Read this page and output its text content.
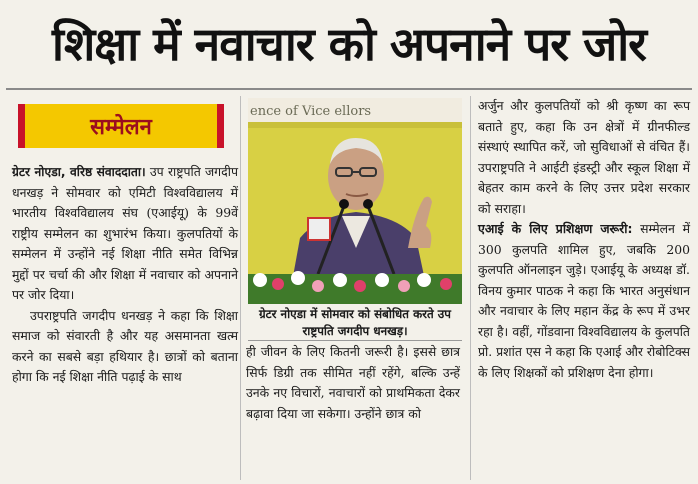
शिक्षा में नवाचार को अपनाने पर जोर
सम्मेलन

ग्रेटर नोएडा, वरिष्ठ संवाददाता। उप राष्ट्रपति जगदीप धनखड़ ने सोमवार को एमिटी विश्वविद्यालय में भारतीय विश्वविद्यालय संघ (एआईयू) के 99वें राष्ट्रीय सम्मेलन का शुभारंभ किया। कुलपतियों के सम्मेलन में उन्होंने नई शिक्षा नीति समेत विभिन्न मुद्दों पर चर्चा की और शिक्षा में नवाचार को अपनाने पर जोर दिया।

उपराष्ट्रपति जगदीप धनखड़ ने कहा कि शिक्षा समाज को संवारती है और यह असमानता खत्म करने का सबसे बड़ा हथियार है। छात्रों को बताना होगा कि नई शिक्षा नीति पढ़ाई के साथ

ence of Vice ellors
ग्रेटर नोएडा में सोमवार को संबोधित करते उप राष्ट्रपति जगदीप धनखड़।

ही जीवन के लिए कितनी जरूरी है। इससे छात्र सिर्फ डिग्री तक सीमित नहीं रहेंगे, बल्कि उन्हें उनके नए विचारों, नवाचारों को प्राथमिकता देकर बढ़ावा दिया जा सकेगा। उन्होंने छात्र को

अर्जुन और कुलपतियों को श्री कृष्ण का रूप बताते हुए, कहा कि उन क्षेत्रों में ग्रीनफील्ड संस्थाएं स्थापित करें, जो सुविधाओं से वंचित हैं। उपराष्ट्रपति ने आईटी इंडस्ट्री और स्कूल शिक्षा में बेहतर काम करने के लिए उत्तर प्रदेश सरकार को सराहा।

एआई के लिए प्रशिक्षण जरूरी: सम्मेलन में 300 कुलपति शामिल हुए, जबकि 200 कुलपति ऑनलाइन जुड़े। एआईयू के अध्यक्ष डॉ. विनय कुमार पाठक ने कहा कि भारत अनुसंधान और नवाचार के लिए महान केंद्र के रूप में उभर रहा है। वहीं, गोंडवाना विश्वविद्यालय के कुलपति प्रो. प्रशांत एस ने कहा कि एआई और रोबोटिक्स के लिए शिक्षकों को प्रशिक्षण देना होगा।
